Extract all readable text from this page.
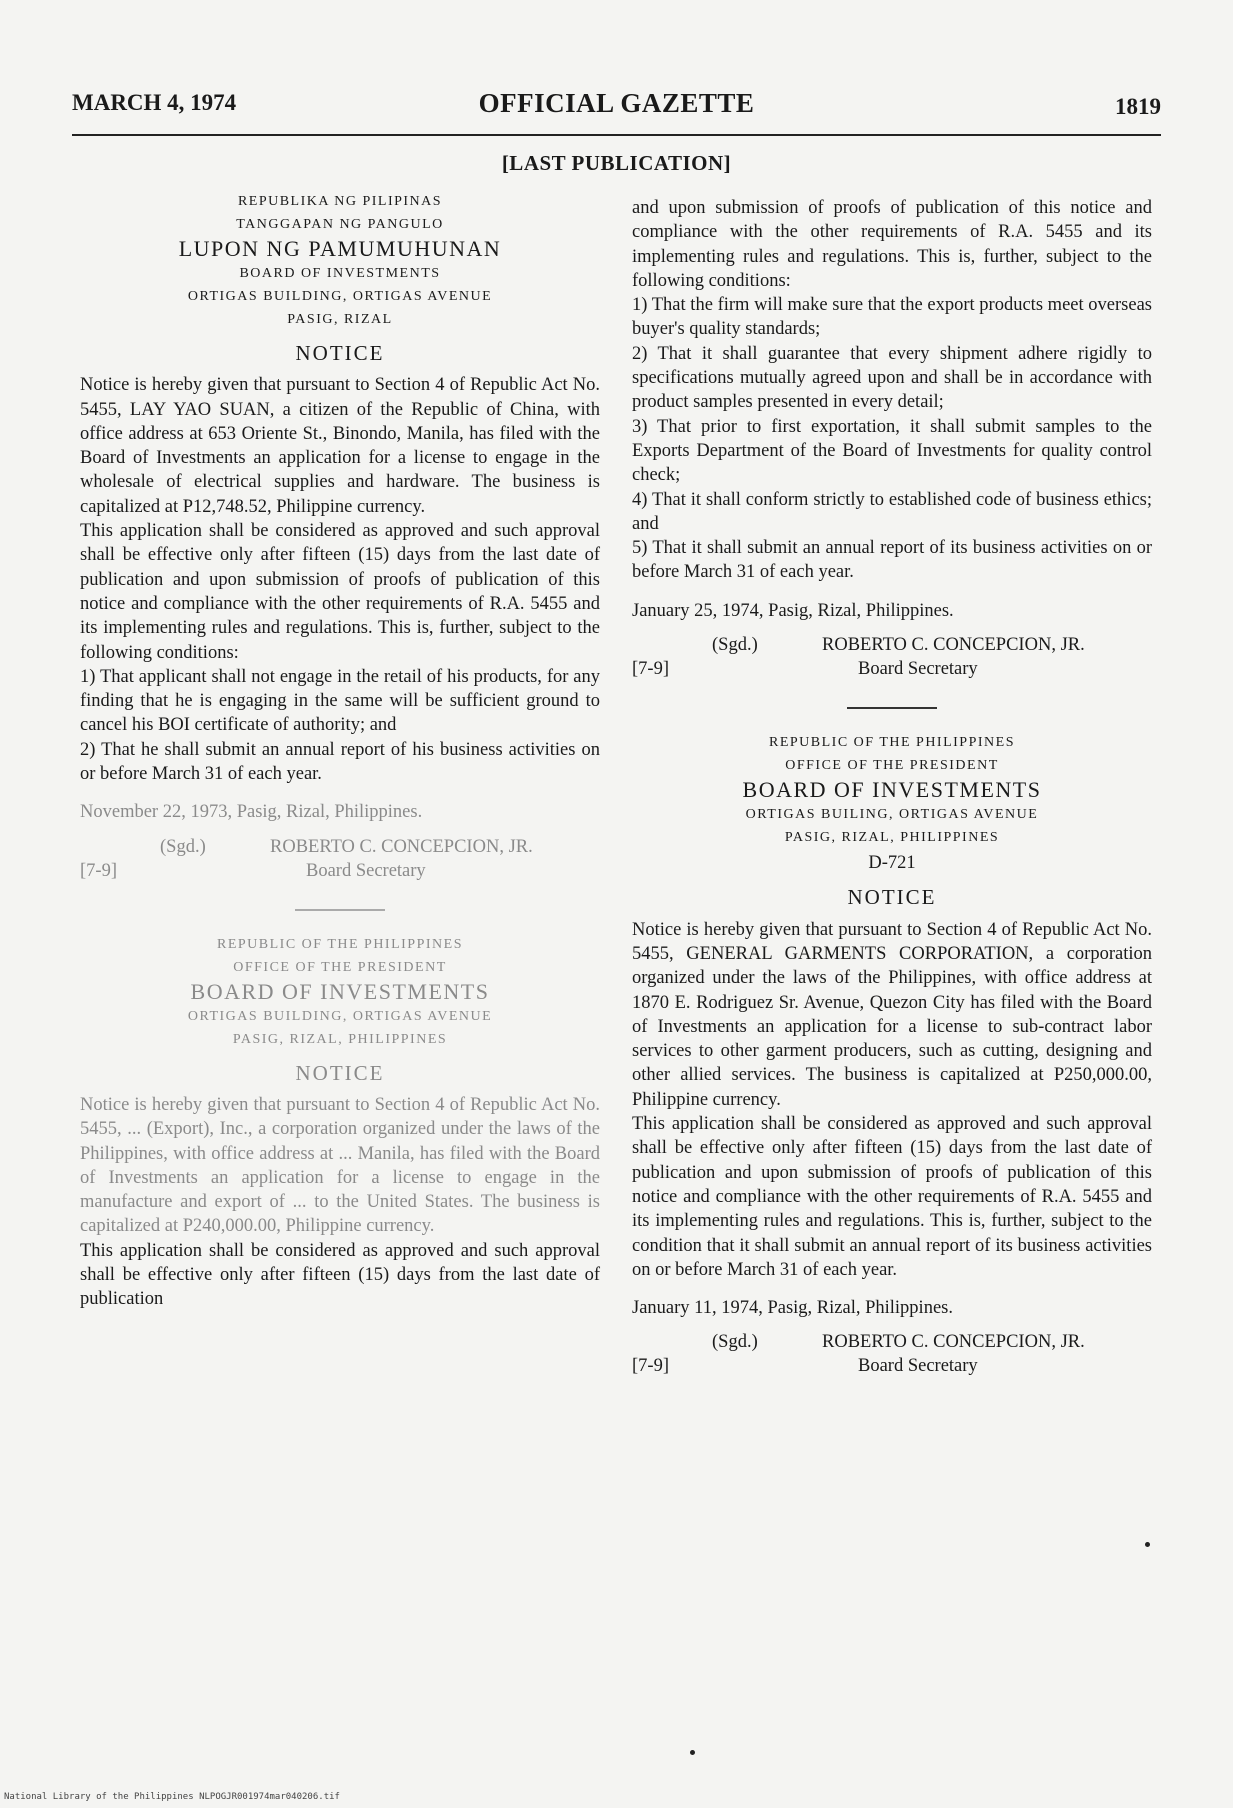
MARCH 4, 1974	OFFICIAL GAZETTE	1819
[LAST PUBLICATION]
REPUBLIKA NG PILIPINAS
TANGGAPAN NG PANGULO
LUPON NG PAMUMUHUNAN
BOARD OF INVESTMENTS
ORTIGAS BUILDING, ORTIGAS AVENUE
PASIG, RIZAL
NOTICE

Notice is hereby given that pursuant to Section 4 of Republic Act No. 5455, LAY YAO SUAN, a citizen of the Republic of China, with office address at 653 Oriente St., Binondo, Manila, has filed with the Board of Investments an application for a license to engage in the wholesale of electrical supplies and hardware. The business is capitalized at P12,748.52, Philippine currency.

This application shall be considered as approved and such approval shall be effective only after fifteen (15) days from the last date of publication and upon submission of proofs of publication of this notice and compliance with the other requirements of R.A. 5455 and its implementing rules and regulations. This is, further, subject to the following conditions:

1) That applicant shall not engage in the retail of his products, for any finding that he is engaging in the same will be sufficient ground to cancel his BOI certificate of authority; and

2) That he shall submit an annual report of his business activities on or before March 31 of each year.

November 22, 1973, Pasig, Rizal, Philippines.

(Sgd.)	ROBERTO C. CONCEPCION, JR.
[7-9]	Board Secretary
REPUBLIC OF THE PHILIPPINES
OFFICE OF THE PRESIDENT
BOARD OF INVESTMENTS
ORTIGAS BUILDING, ORTIGAS AVENUE
PASIG, RIZAL, PHILIPPINES
NOTICE

Notice is hereby given that pursuant to Section 4 of Republic Act No. 5455, ... (Export), Inc., a corporation organized under the laws of the Philippines, with office address at ... Manila, has filed with the Board of Investments an application for a license to engage in the manufacture and export of ... to the United States. The business is capitalized at P240,000.00, Philippine currency.

This application shall be considered as approved and such approval shall be effective only after fifteen (15) days from the last date of publication

and upon submission of proofs of publication of this notice and compliance with the other requirements of R.A. 5455 and its implementing rules and regulations. This is, further, subject to the following conditions:

1) That the firm will make sure that the export products meet overseas buyer's quality standards;

2) That it shall guarantee that every shipment adhere rigidly to specifications mutually agreed upon and shall be in accordance with product samples presented in every detail;

3) That prior to first exportation, it shall submit samples to the Exports Department of the Board of Investments for quality control check;

4) That it shall conform strictly to established code of business ethics; and

5) That it shall submit an annual report of its business activities on or before March 31 of each year.

January 25, 1974, Pasig, Rizal, Philippines.

(Sgd.)	ROBERTO C. CONCEPCION, JR.
[7-9]	Board Secretary
REPUBLIC OF THE PHILIPPINES
OFFICE OF THE PRESIDENT
BOARD OF INVESTMENTS
ORTIGAS BUILING, ORTIGAS AVENUE
PASIG, RIZAL, PHILIPPINES
D-721
NOTICE

Notice is hereby given that pursuant to Section 4 of Republic Act No. 5455, GENERAL GARMENTS CORPORATION, a corporation organized under the laws of the Philippines, with office address at 1870 E. Rodriguez Sr. Avenue, Quezon City has filed with the Board of Investments an application for a license to sub-contract labor services to other garment producers, such as cutting, designing and other allied services. The business is capitalized at P250,000.00, Philippine currency.

This application shall be considered as approved and such approval shall be effective only after fifteen (15) days from the last date of publication and upon submission of proofs of publication of this notice and compliance with the other requirements of R.A. 5455 and its implementing rules and regulations. This is, further, subject to the condition that it shall submit an annual report of its business activities on or before March 31 of each year.

January 11, 1974, Pasig, Rizal, Philippines.

(Sgd.)	ROBERTO C. CONCEPCION, JR.
[7-9]	Board Secretary
National Library of the Philippines NLPOGJR001974mar040206.tif
